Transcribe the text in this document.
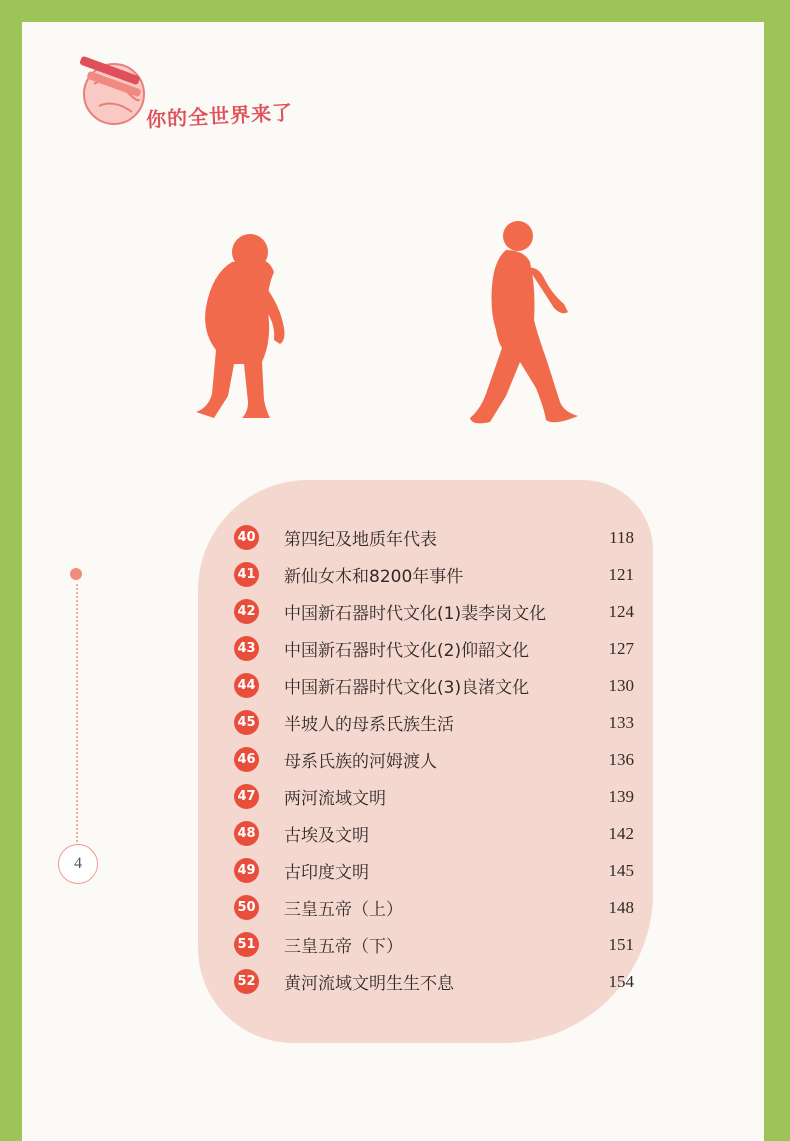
你的全世界来了
4
40 第四纪及地质年代表	118
41 新仙女木和8200年事件	121
42 中国新石器时代文化(1)裴李岗文化	124
43 中国新石器时代文化(2)仰韶文化	127
44 中国新石器时代文化(3)良渚文化	130
45 半坡人的母系氏族生活	133
46 母系氏族的河姆渡人	136
47 两河流域文明	139
48 古埃及文明	142
49 古印度文明	145
50 三皇五帝（上）	148
51 三皇五帝（下）	151
52 黄河流域文明生生不息	154
